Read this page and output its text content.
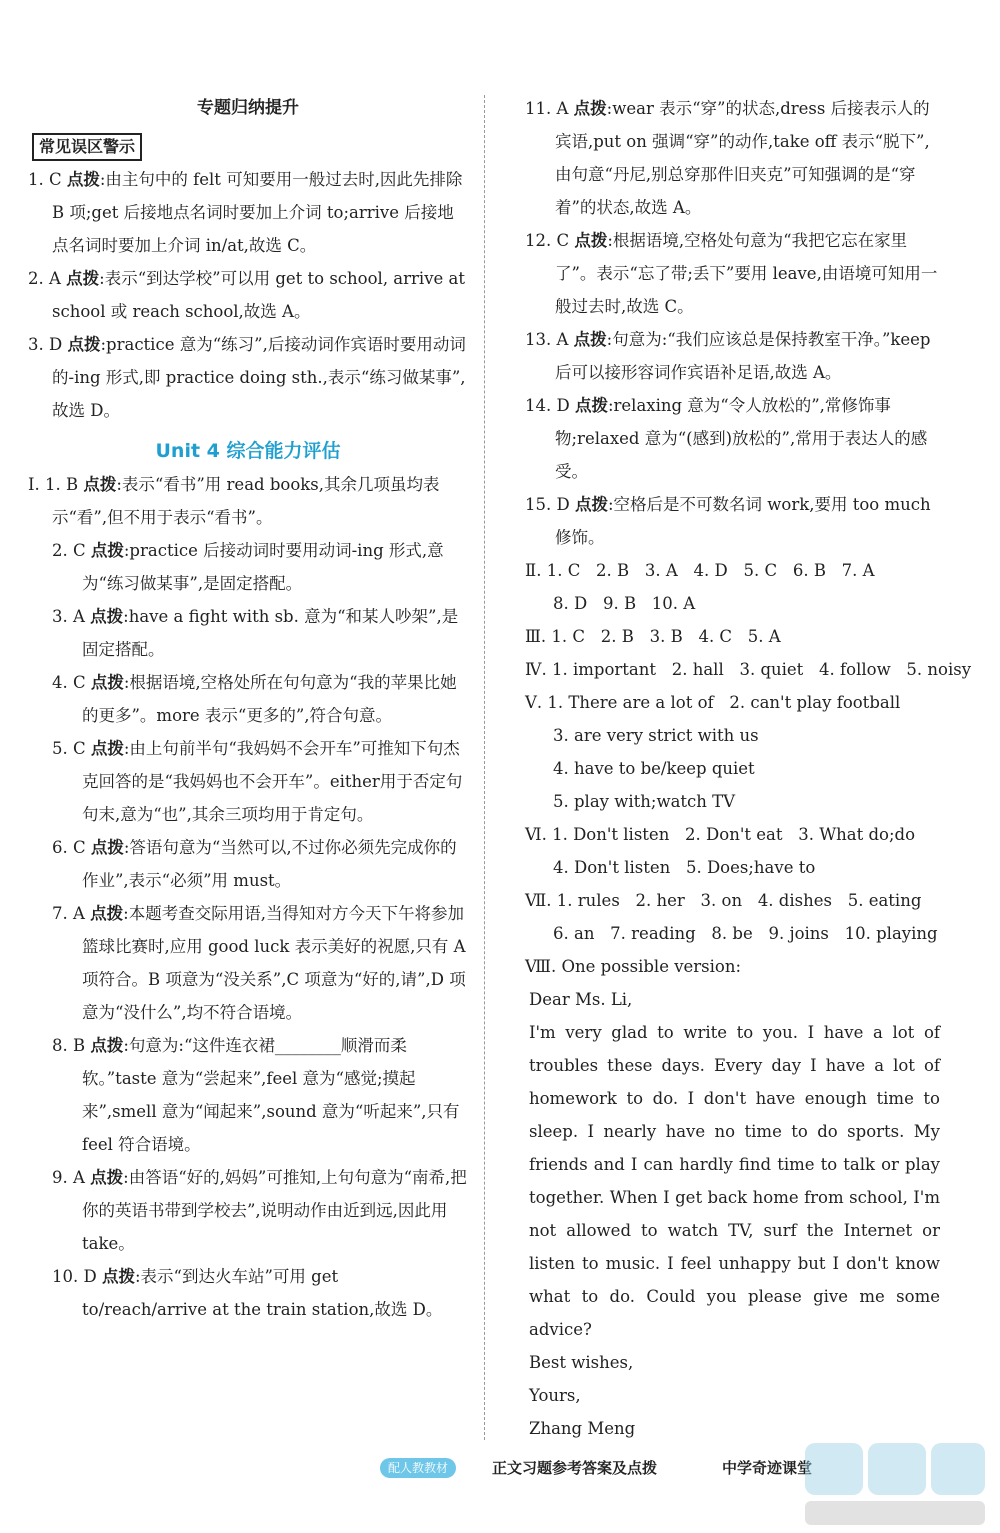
专题归纳提升
常见误区警示
1. C 点拨:由主句中的 felt 可知要用一般过去时,因此先排除 B 项;get 后接地点名词时要加上介词 to;arrive 后接地点名词时要加上介词 in/at,故选 C。
2. A 点拨:表示“到达学校”可以用 get to school, arrive at school 或 reach school,故选 A。
3. D 点拨:practice 意为“练习”,后接动词作宾语时要用动词的-ing 形式,即 practice doing sth.,表示“练习做某事”,故选 D。
Unit 4 综合能力评估
Ⅰ. 1. B 点拨:表示“看书”用 read books,其余几项虽均表示“看”,但不用于表示“看书”。
2. C 点拨:practice 后接动词时要用动词-ing 形式,意为“练习做某事”,是固定搭配。
3. A 点拨:have a fight with sb. 意为“和某人吵架”,是固定搭配。
4. C 点拨:根据语境,空格处所在句句意为“我的苹果比她的更多”。more 表示“更多的”,符合句意。
5. C 点拨:由上句前半句“我妈妈不会开车”可推知下句杰克回答的是“我妈妈也不会开车”。either用于否定句句末,意为“也”,其余三项均用于肯定句。
6. C 点拨:答语句意为“当然可以,不过你必须先完成你的作业”,表示“必须”用 must。
7. A 点拨:本题考查交际用语,当得知对方今天下午将参加篮球比赛时,应用 good luck 表示美好的祝愿,只有 A 项符合。B 项意为“没关系”,C 项意为“好的,请”,D 项意为“没什么”,均不符合语境。
8. B 点拨:句意为:“这件连衣裙________顺滑而柔软。”taste 意为“尝起来”,feel 意为“感觉;摸起来”,smell 意为“闻起来”,sound 意为“听起来”,只有 feel 符合语境。
9. A 点拨:由答语“好的,妈妈”可推知,上句句意为“南希,把你的英语书带到学校去”,说明动作由近到远,因此用 take。
10. D 点拨:表示“到达火车站”可用 get to/reach/arrive at the train station,故选 D。
11. A 点拨:wear 表示“穿”的状态,dress 后接表示人的宾语,put on 强调“穿”的动作,take off 表示“脱下”,由句意“丹尼,别总穿那件旧夹克”可知强调的是“穿着”的状态,故选 A。
12. C 点拨:根据语境,空格处句意为“我把它忘在家里了”。表示“忘了带;丢下”要用 leave,由语境可知用一般过去时,故选 C。
13. A 点拨:句意为:“我们应该总是保持教室干净。”keep 后可以接形容词作宾语补足语,故选 A。
14. D 点拨:relaxing 意为“令人放松的”,常修饰事物;relaxed 意为“(感到)放松的”,常用于表达人的感受。
15. D 点拨:空格后是不可数名词 work,要用 too much 修饰。
Ⅱ. 1. C   2. B   3. A   4. D   5. C   6. B   7. A
8. D   9. B   10. A
Ⅲ. 1. C   2. B   3. B   4. C   5. A
Ⅳ. 1. important   2. hall   3. quiet   4. follow   5. noisy
Ⅴ. 1. There are a lot of   2. can't play football
3. are very strict with us
4. have to be/keep quiet
5. play with;watch TV
Ⅵ. 1. Don't listen   2. Don't eat   3. What do;do
4. Don't listen   5. Does;have to
Ⅶ. 1. rules   2. her   3. on   4. dishes   5. eating
6. an   7. reading   8. be   9. joins   10. playing
Ⅷ. One possible version:
Dear Ms. Li,
I'm very glad to write to you. I have a lot of troubles these days. Every day I have a lot of homework to do. I don't have enough time to sleep. I nearly have no time to do sports. My friends and I can hardly find time to talk or play together. When I get back home from school, I'm not allowed to watch TV, surf the Internet or listen to music. I feel unhappy but I don't know what to do. Could you please give me some advice?
Best wishes,
Yours,
Zhang Meng
配人教教材	正文习题参考答案及点拨	中学奇迹课堂
